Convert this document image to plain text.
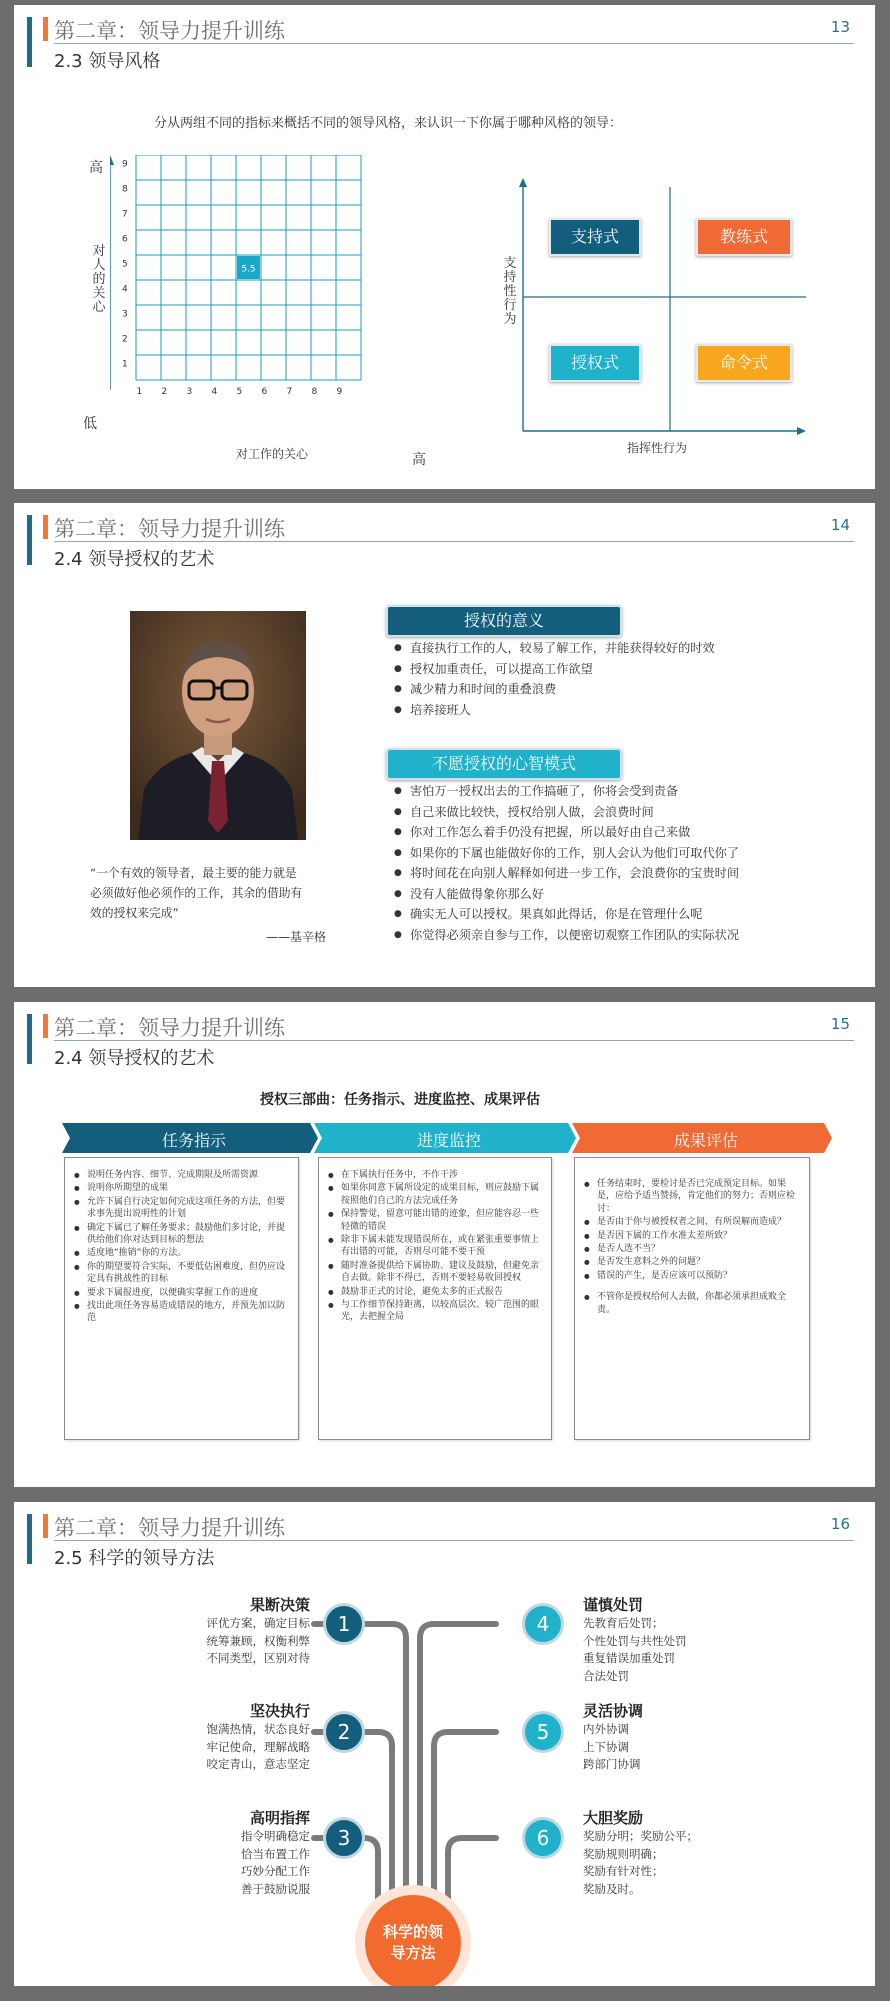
第二章：领导力提升训练	13
2.3 领导风格
分从两组不同的指标来概括不同的领导风格，来认识一下你属于哪种风格的领导：
高
低
高
对
人
的
关
心
对工作的关心
1 2 3 4 5 6 7 8 9
9
8
7
6
5
4
3
2
1
5.5	支
持
性
行
为
指挥性行为
支持式	教练式
授权式	命令式
第二章：领导力提升训练	14
2.4 领导授权的艺术
“一个有效的领导者，最主要的能力就是
必须做好他必须作的工作，其余的借助有
效的授权来完成”
——基辛格
授权的意义
● 直接执行工作的人，较易了解工作，并能获得较好的时效
● 授权加重责任，可以提高工作欲望
● 减少精力和时间的重叠浪费
● 培养接班人
不愿授权的心智模式
● 害怕万一授权出去的工作搞砸了，你将会受到责备
● 自己来做比较快，授权给别人做，会浪费时间
● 你对工作怎么着手仍没有把握，所以最好由自己来做
● 如果你的下属也能做好你的工作，别人会认为他们可取代你了
● 将时间花在向别人解释如何进一步工作，会浪费你的宝贵时间
● 没有人能做得象你那么好
● 确实无人可以授权。果真如此得话，你是在管理什么呢
● 你觉得必须亲自参与工作，以便密切观察工作团队的实际状况
第二章：领导力提升训练	15
2.4 领导授权的艺术
授权三部曲：任务指示、进度监控、成果评估
任务指示	进度监控	成果评估
● 说明任务内容、细节、完成期限及所需资源
● 说明你所期望的成果
● 允许下属自行决定如何完成这项任务的方法，但要求事先提出说明性的计划
● 确定下属已了解任务要求；鼓励他们多讨论，并提供给他们你对达到目标的想法
● 适度地“推销”你的方法。
● 你的期望要符合实际，不要低估困难度，但仍应设定具有挑战性的目标
● 要求下属报进度，以便确实掌握工作的进度
● 找出此项任务容易造成错误的地方，并预先加以防范
● 在下属执行任务中，不作干涉
● 如果你同意下属所设定的成果目标，则应鼓励下属按照他们自己的方法完成任务
● 保持警觉，留意可能出错的迹象，但应能容忍一些轻微的错误
● 除非下属未能发现错误所在，或在紧张重要事情上有出错的可能，否则尽可能不要干预
● 随时准备提供给下属协助、建议及鼓励，但避免亲自去做。除非不得已，否则不要轻易收回授权
● 鼓励非正式的讨论，避免太多的正式报告
● 与工作细节保持距离，以较高层次、较广范围的眼光，去把握全局
● 任务结束时，要检讨是否已完成预定目标。如果是，应给予适当赞扬，肯定他们的努力；否则应检讨：
● 是否由于你与被授权者之间，有所误解而造成？
● 是否因下属的工作水准太差所致？
● 是否人选不当？
● 是否发生意料之外的问题？
● 错误的产生，是否应该可以预防？
● 不管你是授权给何人去做，你都必须承担成败全责。
第二章：领导力提升训练	16
2.5 科学的领导方法
科学的领
导方法
1
2
3
4
5
6
果断决策
评优方案，确定目标
统筹兼顾，权衡利弊
不同类型，区别对待
坚决执行
饱满热情，状态良好
牢记使命，理解战略
咬定青山，意志坚定
高明指挥
指令明确稳定
恰当布置工作
巧妙分配工作
善于鼓励说服
谨慎处罚
先教育后处罚；
个性处罚与共性处罚
重复错误加重处罚
合法处罚
灵活协调
内外协调
上下协调
跨部门协调
大胆奖励
奖励分明；奖励公平；
奖励规则明确；
奖励有针对性；
奖励及时。
